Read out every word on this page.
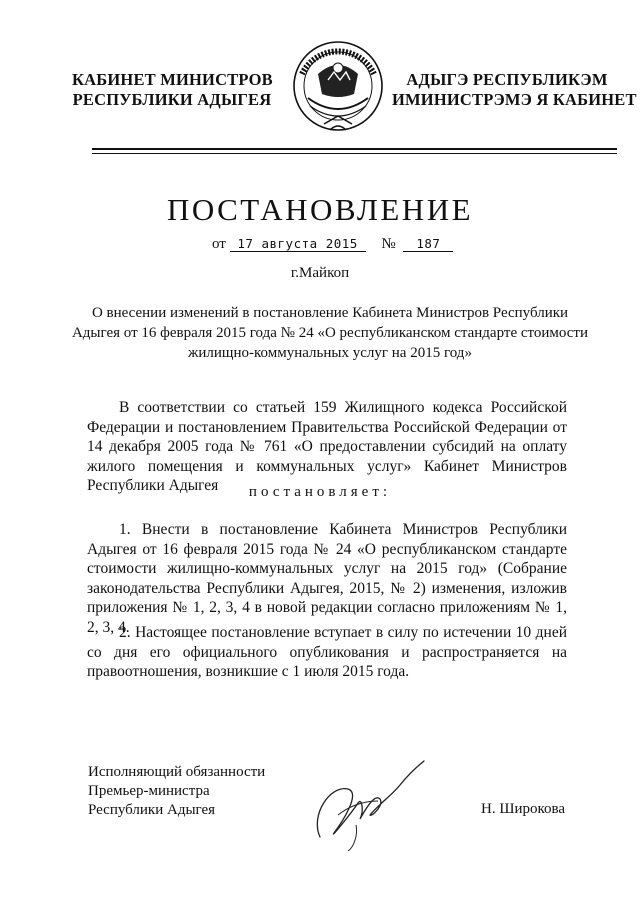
КАБИНЕТ МИНИСТРОВ
РЕСПУБЛИКИ АДЫГЕЯ
АДЫГЭ РЕСПУБЛИКЭМ
ИМИНИСТРЭМЭ Я КАБИНЕТ
ПОСТАНОВЛЕНИЕ
от 17 августа 2015 № 187
г.Майкоп
О внесении изменений в постановление Кабинета Министров Республики Адыгея от 16 февраля 2015 года № 24 «О республиканском стандарте стоимости жилищно-коммунальных услуг на 2015 год»
В соответствии со статьей 159 Жилищного кодекса Российской Федерации и постановлением Правительства Российской Федерации от 14 декабря 2005 года № 761 «О предоставлении субсидий на оплату жилого помещения и коммунальных услуг» Кабинет Министров Республики Адыгея	постановляет:
1. Внести в постановление Кабинета Министров Республики Адыгея от 16 февраля 2015 года № 24 «О республиканском стандарте стоимости жилищно-коммунальных услуг на 2015 год» (Собрание законодательства Республики Адыгея, 2015, № 2) изменения, изложив приложения № 1, 2, 3, 4 в новой редакции согласно приложениям № 1, 2, 3, 4.
2. Настоящее постановление вступает в силу по истечении 10 дней со дня его официального опубликования и распространяется на правоотношения, возникшие с 1 июля 2015 года.
Исполняющий обязанности
Премьер-министра
Республики Адыгея	Н. Широкова
